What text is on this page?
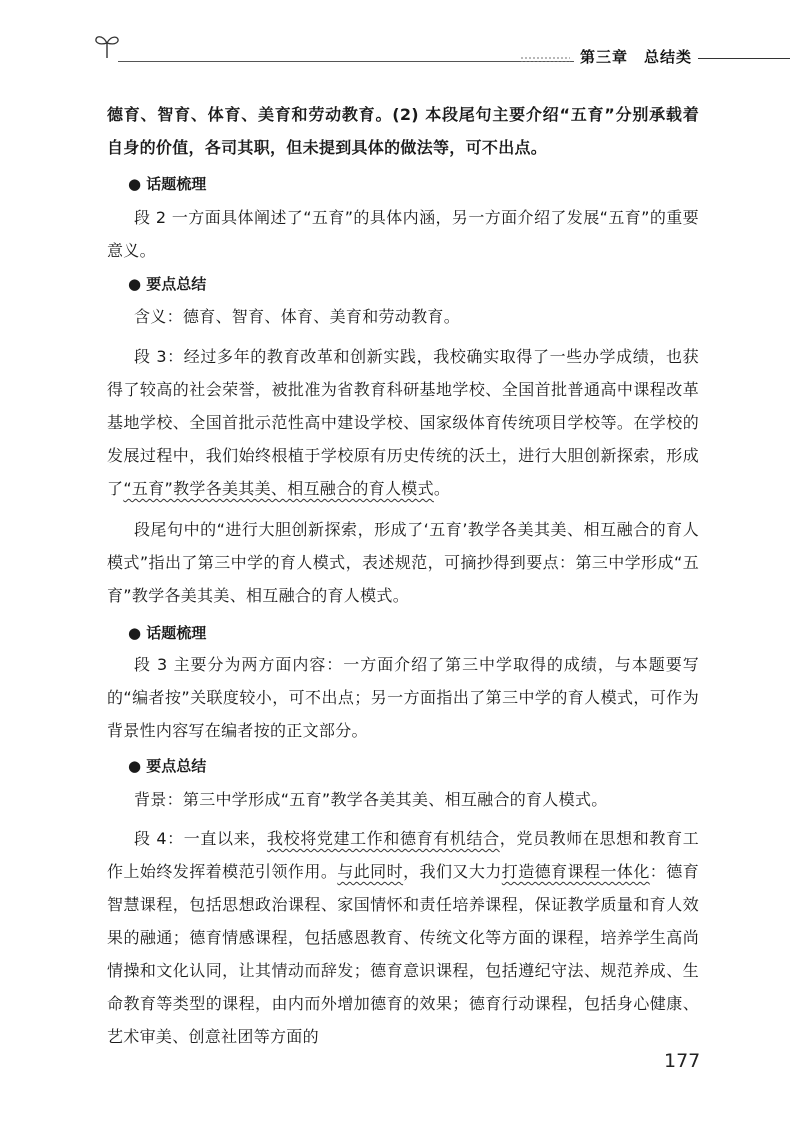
第三章 总结类

德育、智育、体育、美育和劳动教育。(2) 本段尾句主要介绍“五育”分别承载着自身的价值，各司其职，但未提到具体的做法等，可不出点。

● 话题梳理

段 2 一方面具体阐述了“五育”的具体内涵，另一方面介绍了发展“五育”的重要意义。

● 要点总结

含义：德育、智育、体育、美育和劳动教育。

段 3：经过多年的教育改革和创新实践，我校确实取得了一些办学成绩，也获得了较高的社会荣誉，被批准为省教育科研基地学校、全国首批普通高中课程改革基地学校、全国首批示范性高中建设学校、国家级体育传统项目学校等。在学校的发展过程中，我们始终根植于学校原有历史传统的沃土，进行大胆创新探索，形成了“五育”教学各美其美、相互融合的育人模式。

段尾句中的“进行大胆创新探索，形成了‘五育’教学各美其美、相互融合的育人模式”指出了第三中学的育人模式，表述规范，可摘抄得到要点：第三中学形成“五育”教学各美其美、相互融合的育人模式。

● 话题梳理

段 3 主要分为两方面内容：一方面介绍了第三中学取得的成绩，与本题要写的“编者按”关联度较小，可不出点；另一方面指出了第三中学的育人模式，可作为背景性内容写在编者按的正文部分。

● 要点总结

背景：第三中学形成“五育”教学各美其美、相互融合的育人模式。

段 4：一直以来，我校将党建工作和德育有机结合，党员教师在思想和教育工作上始终发挥着模范引领作用。与此同时，我们又大力打造德育课程一体化：德育智慧课程，包括思想政治课程、家国情怀和责任培养课程，保证教学质量和育人效果的融通；德育情感课程，包括感恩教育、传统文化等方面的课程，培养学生高尚情操和文化认同，让其情动而辞发；德育意识课程，包括遵纪守法、规范养成、生命教育等类型的课程，由内而外增加德育的效果；德育行动课程，包括身心健康、艺术审美、创意社团等方面的

177
